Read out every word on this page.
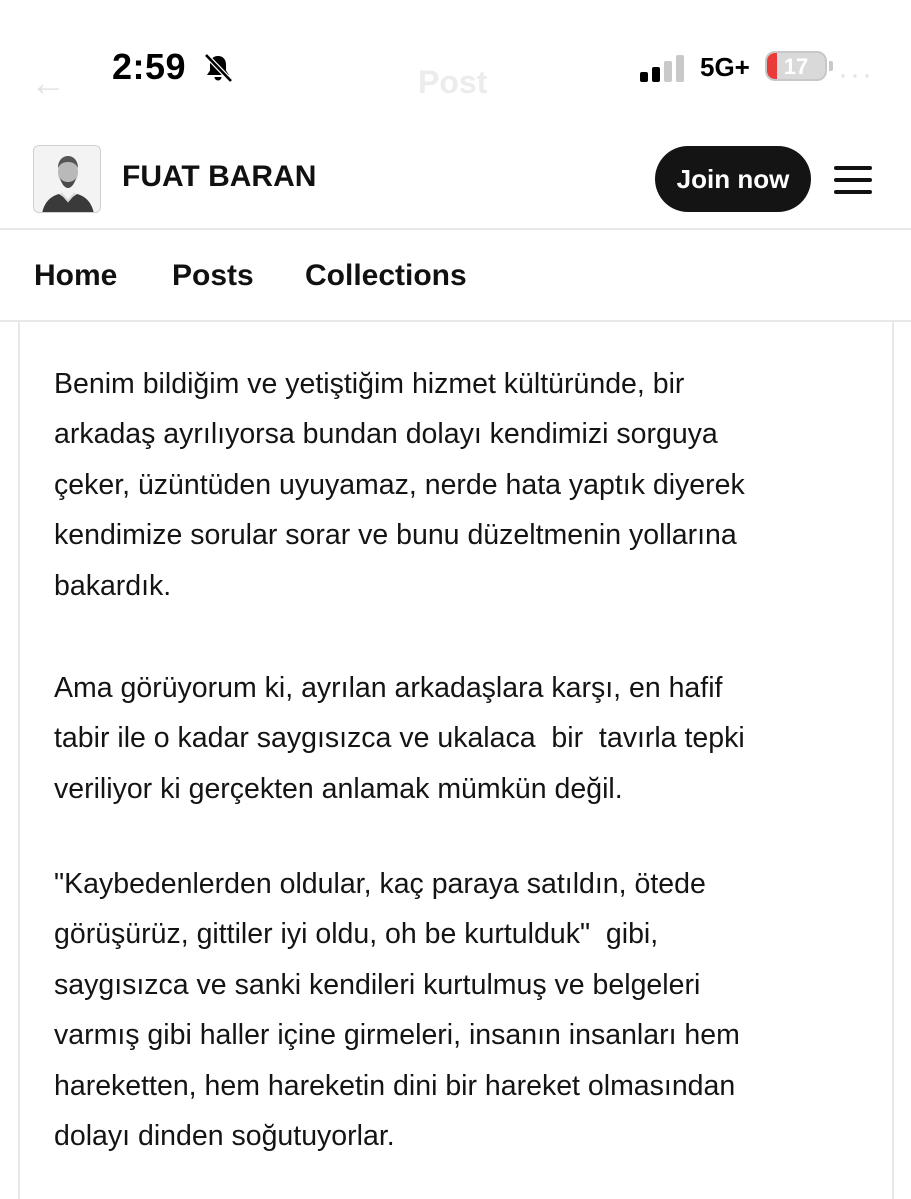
←	Post	···
2:59	5G+	17
FUAT BARAN	Join now
Home Posts Collections
Benim bildiğim ve yetiştiğim hizmet kültüründe, bir
arkadaş ayrılıyorsa bundan dolayı kendimizi sorguya
çeker, üzüntüden uyuyamaz, nerde hata yaptık diyerek
kendimize sorular sorar ve bunu düzeltmenin yollarına
bakardık.
Ama görüyorum ki, ayrılan arkadaşlara karşı, en hafif
tabir ile o kadar saygısızca ve ukalaca  bir  tavırla tepki
veriliyor ki gerçekten anlamak mümkün değil.
"Kaybedenlerden oldular, kaç paraya satıldın, ötede
görüşürüz, gittiler iyi oldu, oh be kurtulduk"  gibi,
saygısızca ve sanki kendileri kurtulmuş ve belgeleri
varmış gibi haller içine girmeleri, insanın insanları hem
hareketten, hem hareketin dini bir hareket olmasından
dolayı dinden soğutuyorlar.
